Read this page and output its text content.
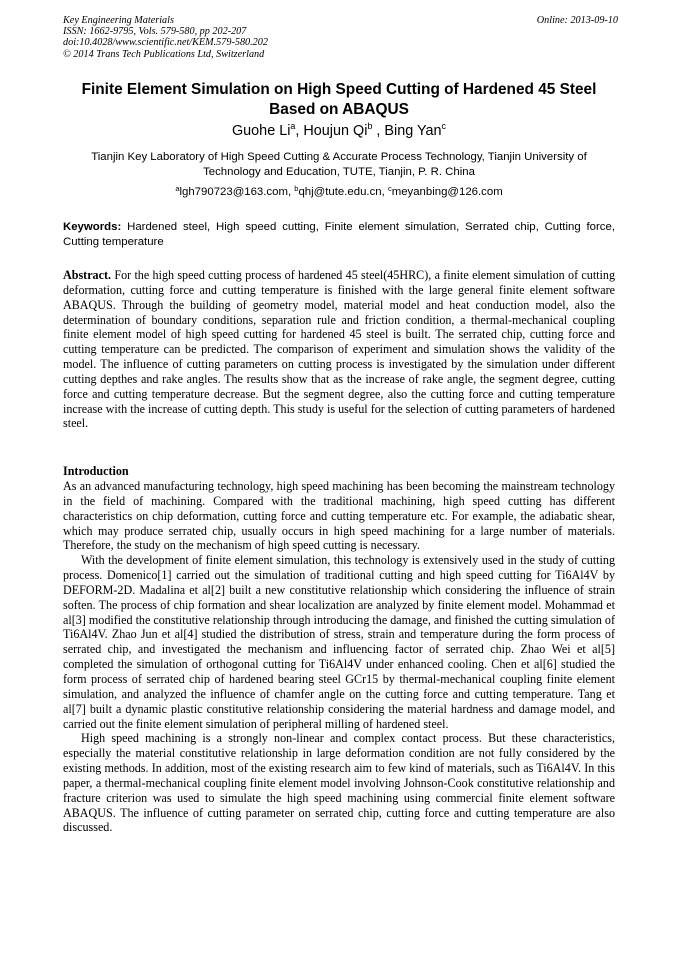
Key Engineering Materials
ISSN: 1662-9795, Vols. 579-580, pp 202-207
doi:10.4028/www.scientific.net/KEM.579-580.202
© 2014 Trans Tech Publications Ltd, Switzerland
Online: 2013-09-10
Finite Element Simulation on High Speed Cutting of Hardened 45 Steel
Based on ABAQUS
Guohe Li$^a$, Houjun Qi$^b$ , Bing Yan$^c$
Tianjin Key Laboratory of High Speed Cutting & Accurate Process Technology, Tianjin University of
Technology and Education, TUTE, Tianjin, P. R. China
$^a$lgh790723@163.com, $^b$qhj@tute.edu.cn, $^c$meyanbing@126.com
Keywords: Hardened steel, High speed cutting, Finite element simulation, Serrated chip, Cutting force, Cutting temperature
Abstract. For the high speed cutting process of hardened 45 steel(45HRC), a finite element simulation of cutting deformation, cutting force and cutting temperature is finished with the large general finite element software ABAQUS. Through the building of geometry model, material model and heat conduction model, also the determination of boundary conditions, separation rule and friction condition, a thermal-mechanical coupling finite element model of high speed cutting for hardened 45 steel is built. The serrated chip, cutting force and cutting temperature can be predicted. The comparison of experiment and simulation shows the validity of the model. The influence of cutting parameters on cutting process is investigated by the simulation under different cutting depthes and rake angles. The results show that as the increase of rake angle, the segment degree, cutting force and cutting temperature decrease. But the segment degree, also the cutting force and cutting temperature increase with the increase of cutting depth. This study is useful for the selection of cutting parameters of hardened steel.
Introduction

As an advanced manufacturing technology, high speed machining has been becoming the mainstream technology in the field of machining. Compared with the traditional machining, high speed cutting has different characteristics on chip deformation, cutting force and cutting temperature etc. For example, the adiabatic shear, which may produce serrated chip, usually occurs in high speed machining for a large number of materials. Therefore, the study on the mechanism of high speed cutting is necessary.

With the development of finite element simulation, this technology is extensively used in the study of cutting process. Domenico[1] carried out the simulation of traditional cutting and high speed cutting for Ti6Al4V by DEFORM-2D. Madalina et al[2] built a new constitutive relationship which considering the influence of strain soften. The process of chip formation and shear localization are analyzed by finite element model. Mohammad et al[3] modified the constitutive relationship through introducing the damage, and finished the cutting simulation of Ti6Al4V. Zhao Jun et al[4] studied the distribution of stress, strain and temperature during the form process of serrated chip, and investigated the mechanism and influencing factor of serrated chip. Zhao Wei et al[5] completed the simulation of orthogonal cutting for Ti6Al4V under enhanced cooling. Chen et al[6] studied the form process of serrated chip of hardened bearing steel GCr15 by thermal-mechanical coupling finite element simulation, and analyzed the influence of chamfer angle on the cutting force and cutting temperature. Tang et al[7] built a dynamic plastic constitutive relationship considering the material hardness and damage model, and carried out the finite element simulation of peripheral milling of hardened steel.

High speed machining is a strongly non-linear and complex contact process. But these characteristics, especially the material constitutive relationship in large deformation condition are not fully considered by the existing methods. In addition, most of the existing research aim to few kind of materials, such as Ti6Al4V. In this paper, a thermal-mechanical coupling finite element model involving Johnson-Cook constitutive relationship and fracture criterion was used to simulate the high speed machining using commercial finite element software ABAQUS. The influence of cutting parameter on serrated chip, cutting force and cutting temperature are also discussed.
